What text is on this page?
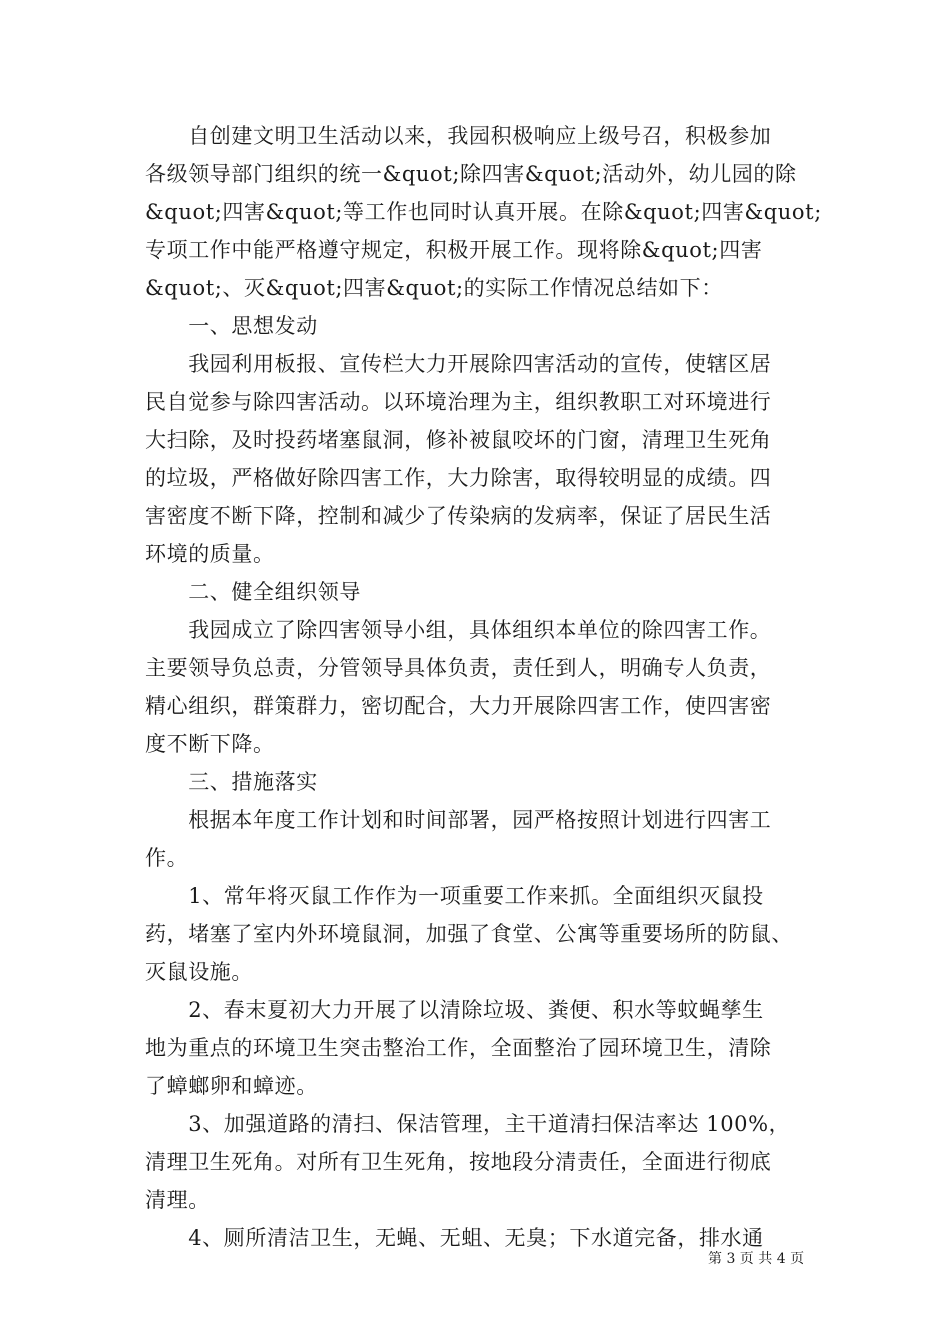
　　自创建文明卫生活动以来，我园积极响应上级号召，积极参加
各级领导部门组织的统一&quot;除四害&quot;活动外，幼儿园的除
&quot;四害&quot;等工作也同时认真开展。在除&quot;四害&quot;
专项工作中能严格遵守规定，积极开展工作。现将除&quot;四害
&quot;、灭&quot;四害&quot;的实际工作情况总结如下：
　　一、思想发动
　　我园利用板报、宣传栏大力开展除四害活动的宣传，使辖区居
民自觉参与除四害活动。以环境治理为主，组织教职工对环境进行
大扫除，及时投药堵塞鼠洞，修补被鼠咬坏的门窗，清理卫生死角
的垃圾，严格做好除四害工作，大力除害，取得较明显的成绩。四
害密度不断下降，控制和减少了传染病的发病率，保证了居民生活
环境的质量。
　　二、健全组织领导
　　我园成立了除四害领导小组，具体组织本单位的除四害工作。
主要领导负总责，分管领导具体负责，责任到人，明确专人负责，
精心组织，群策群力，密切配合，大力开展除四害工作，使四害密
度不断下降。
　　三、措施落实
　　根据本年度工作计划和时间部署，园严格按照计划进行四害工
作。
　　1、常年将灭鼠工作作为一项重要工作来抓。全面组织灭鼠投
药，堵塞了室内外环境鼠洞，加强了食堂、公寓等重要场所的防鼠、
灭鼠设施。
　　2、春末夏初大力开展了以清除垃圾、粪便、积水等蚊蝇孳生
地为重点的环境卫生突击整治工作，全面整治了园环境卫生，清除
了蟑螂卵和蟑迹。
　　3、加强道路的清扫、保洁管理，主干道清扫保洁率达 100%，
清理卫生死角。对所有卫生死角，按地段分清责任，全面进行彻底
清理。
　　4、厕所清洁卫生，无蝇、无蛆、无臭；下水道完备，排水通
第 3 页 共 4 页
